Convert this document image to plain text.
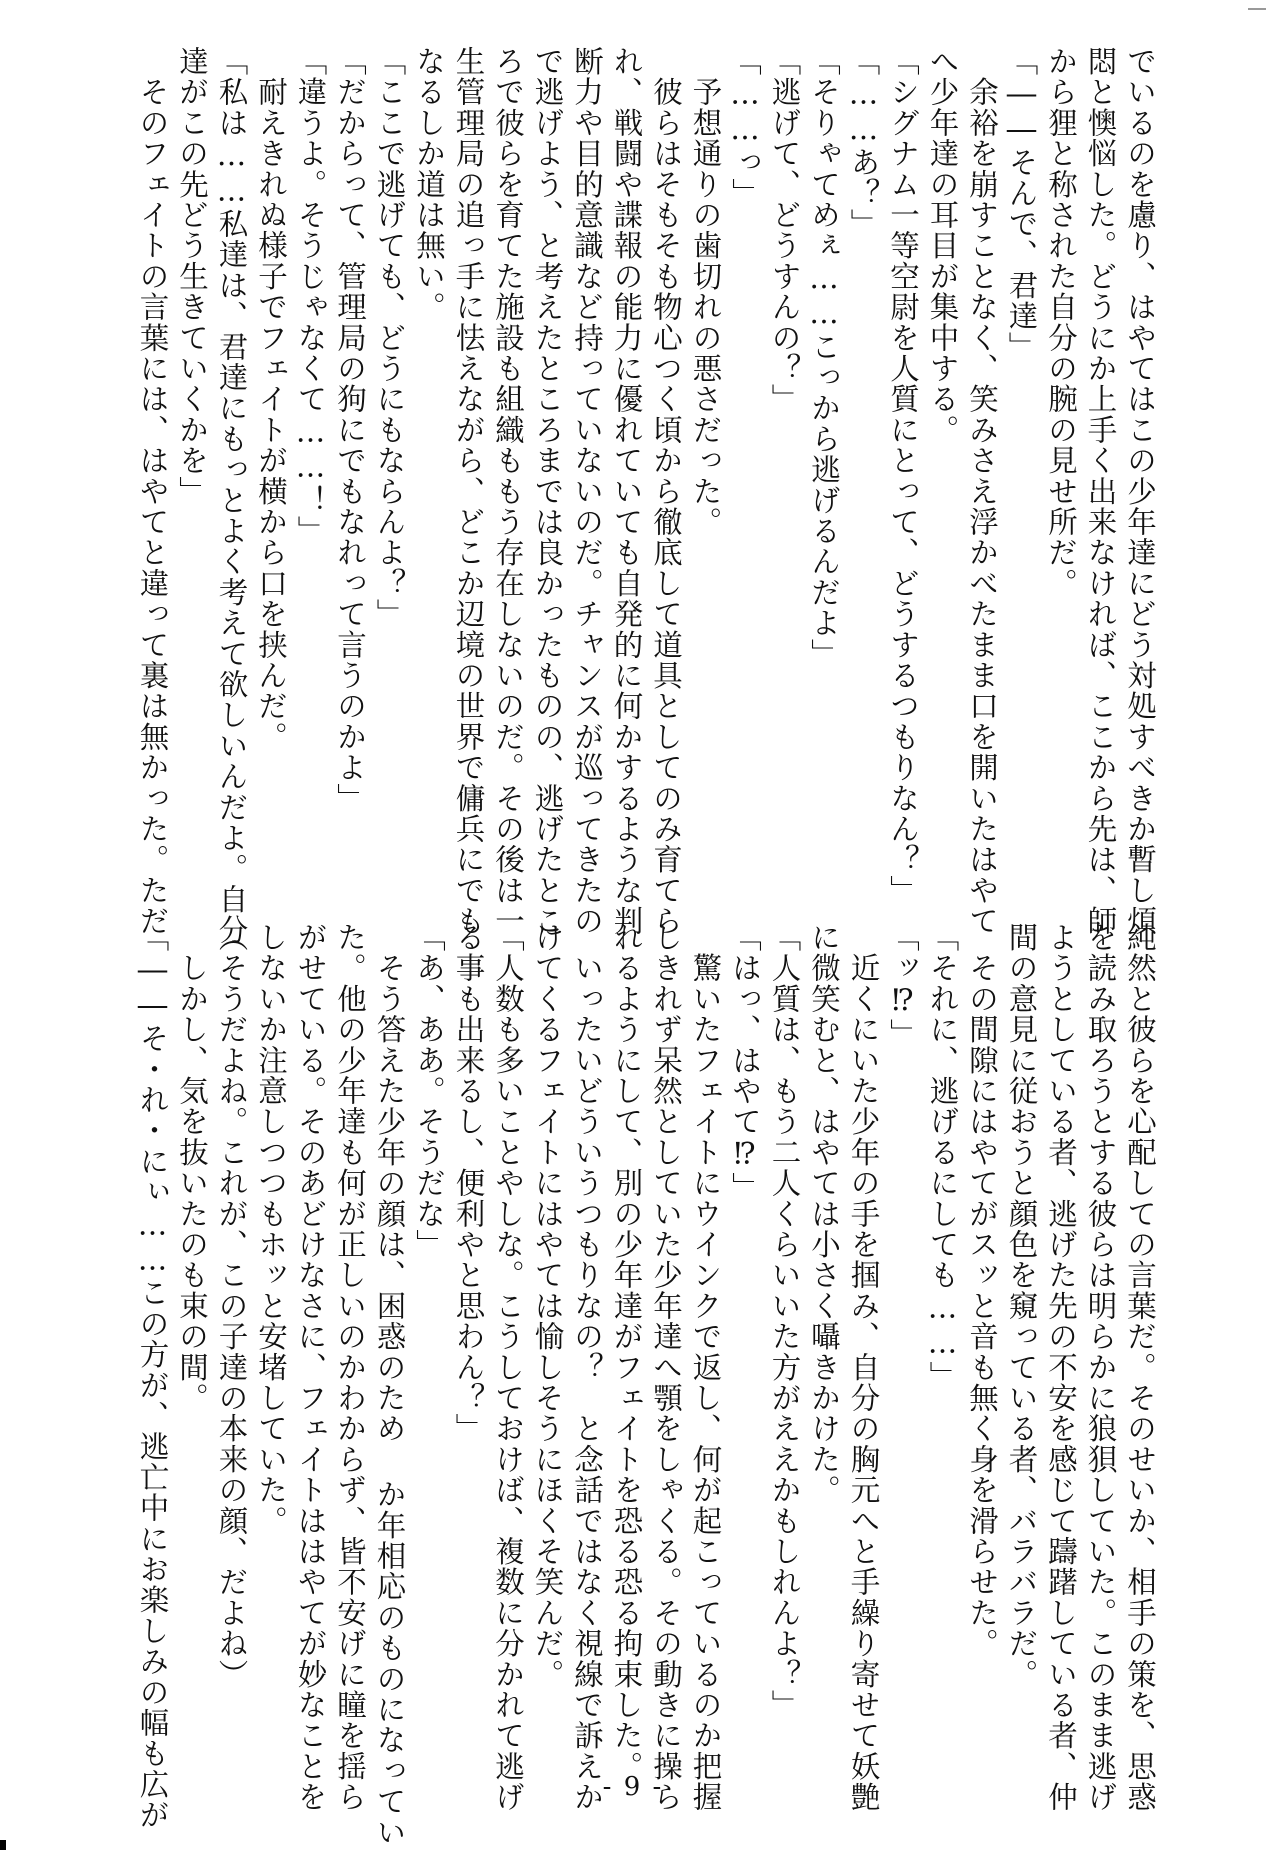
でいるのを慮り、はやてはこの少年達にどう対処すべきか暫し煩
悶と懊悩した。どうにか上手く出来なければ、ここから先は、師
から狸と称された自分の腕の見せ所だ。
「――そんで、君達」
　余裕を崩すことなく、笑みさえ浮かべたまま口を開いたはやて
へ少年達の耳目が集中する。
「シグナム一等空尉を人質にとって、どうするつもりなん？」
「……あ？」
「そりゃてめぇ……こっから逃げるんだよ」
「逃げて、どうすんの？」
「……っ」
　予想通りの歯切れの悪さだった。
　彼らはそもそも物心つく頃から徹底して道具としてのみ育てら
れ、戦闘や諜報の能力に優れていても自発的に何かするような判
断力や目的意識など持っていないのだ。チャンスが巡ってきたの
で逃げよう、と考えたところまでは良かったものの、逃げたとこ
ろで彼らを育てた施設も組織ももう存在しないのだ。その後は一
生管理局の追っ手に怯えながら、どこか辺境の世界で傭兵にでも
なるしか道は無い。
「ここで逃げても、どうにもならんよ？」
「だからって、管理局の狗にでもなれって言うのかよ」
「違うよ。そうじゃなくて……！」
　耐えきれぬ様子でフェイトが横から口を挟んだ。
「私は……私達は、君達にもっとよく考えて欲しいんだよ。自分
達がこの先どう生きていくかを」
　そのフェイトの言葉には、はやてと違って裏は無かった。ただ
純然と彼らを心配しての言葉だ。そのせいか、相手の策を、思惑
を読み取ろうとする彼らは明らかに狼狽していた。このまま逃げ
ようとしている者、逃げた先の不安を感じて躊躇している者、仲
間の意見に従おうと顔色を窺っている者、バラバラだ。
　その間隙にはやてがスッと音も無く身を滑らせた。
「それに、逃げるにしても……」
「ッ⁉」
　近くにいた少年の手を掴み、自分の胸元へと手繰り寄せて妖艶
に微笑むと、はやては小さく囁きかけた。
「人質は、もう二人くらいいた方がええかもしれんよ？」
「はっ、はやて⁉」
　驚いたフェイトにウインクで返し、何が起こっているのか把握
しきれず呆然としていた少年達へ顎をしゃくる。その動きに操ら
れるようにして、別の少年達がフェイトを恐る恐る拘束した。
　いったいどういうつもりなの？　と念話ではなく視線で訴えか
けてくるフェイトにはやては愉しそうにほくそ笑んだ。
「人数も多いことやしな。こうしておけば、複数に分かれて逃げ
る事も出来るし、便利やと思わん？」
「あ、ああ。そうだな」
　そう答えた少年の顔は、困惑のため か年相応のものになってい
た。他の少年達も何が正しいのかわからず、皆不安げに瞳を揺ら
がせている。そのあどけなさに、フェイトははやてが妙なことを
しないか注意しつつもホッと安堵していた。
（そうだよね。これが、この子達の本来の顔、だよね）
　しかし、気を抜いたのも束の間。
「――そ・れ・にぃ……この方が、逃亡中にお楽しみの幅も広が	- 9 -
